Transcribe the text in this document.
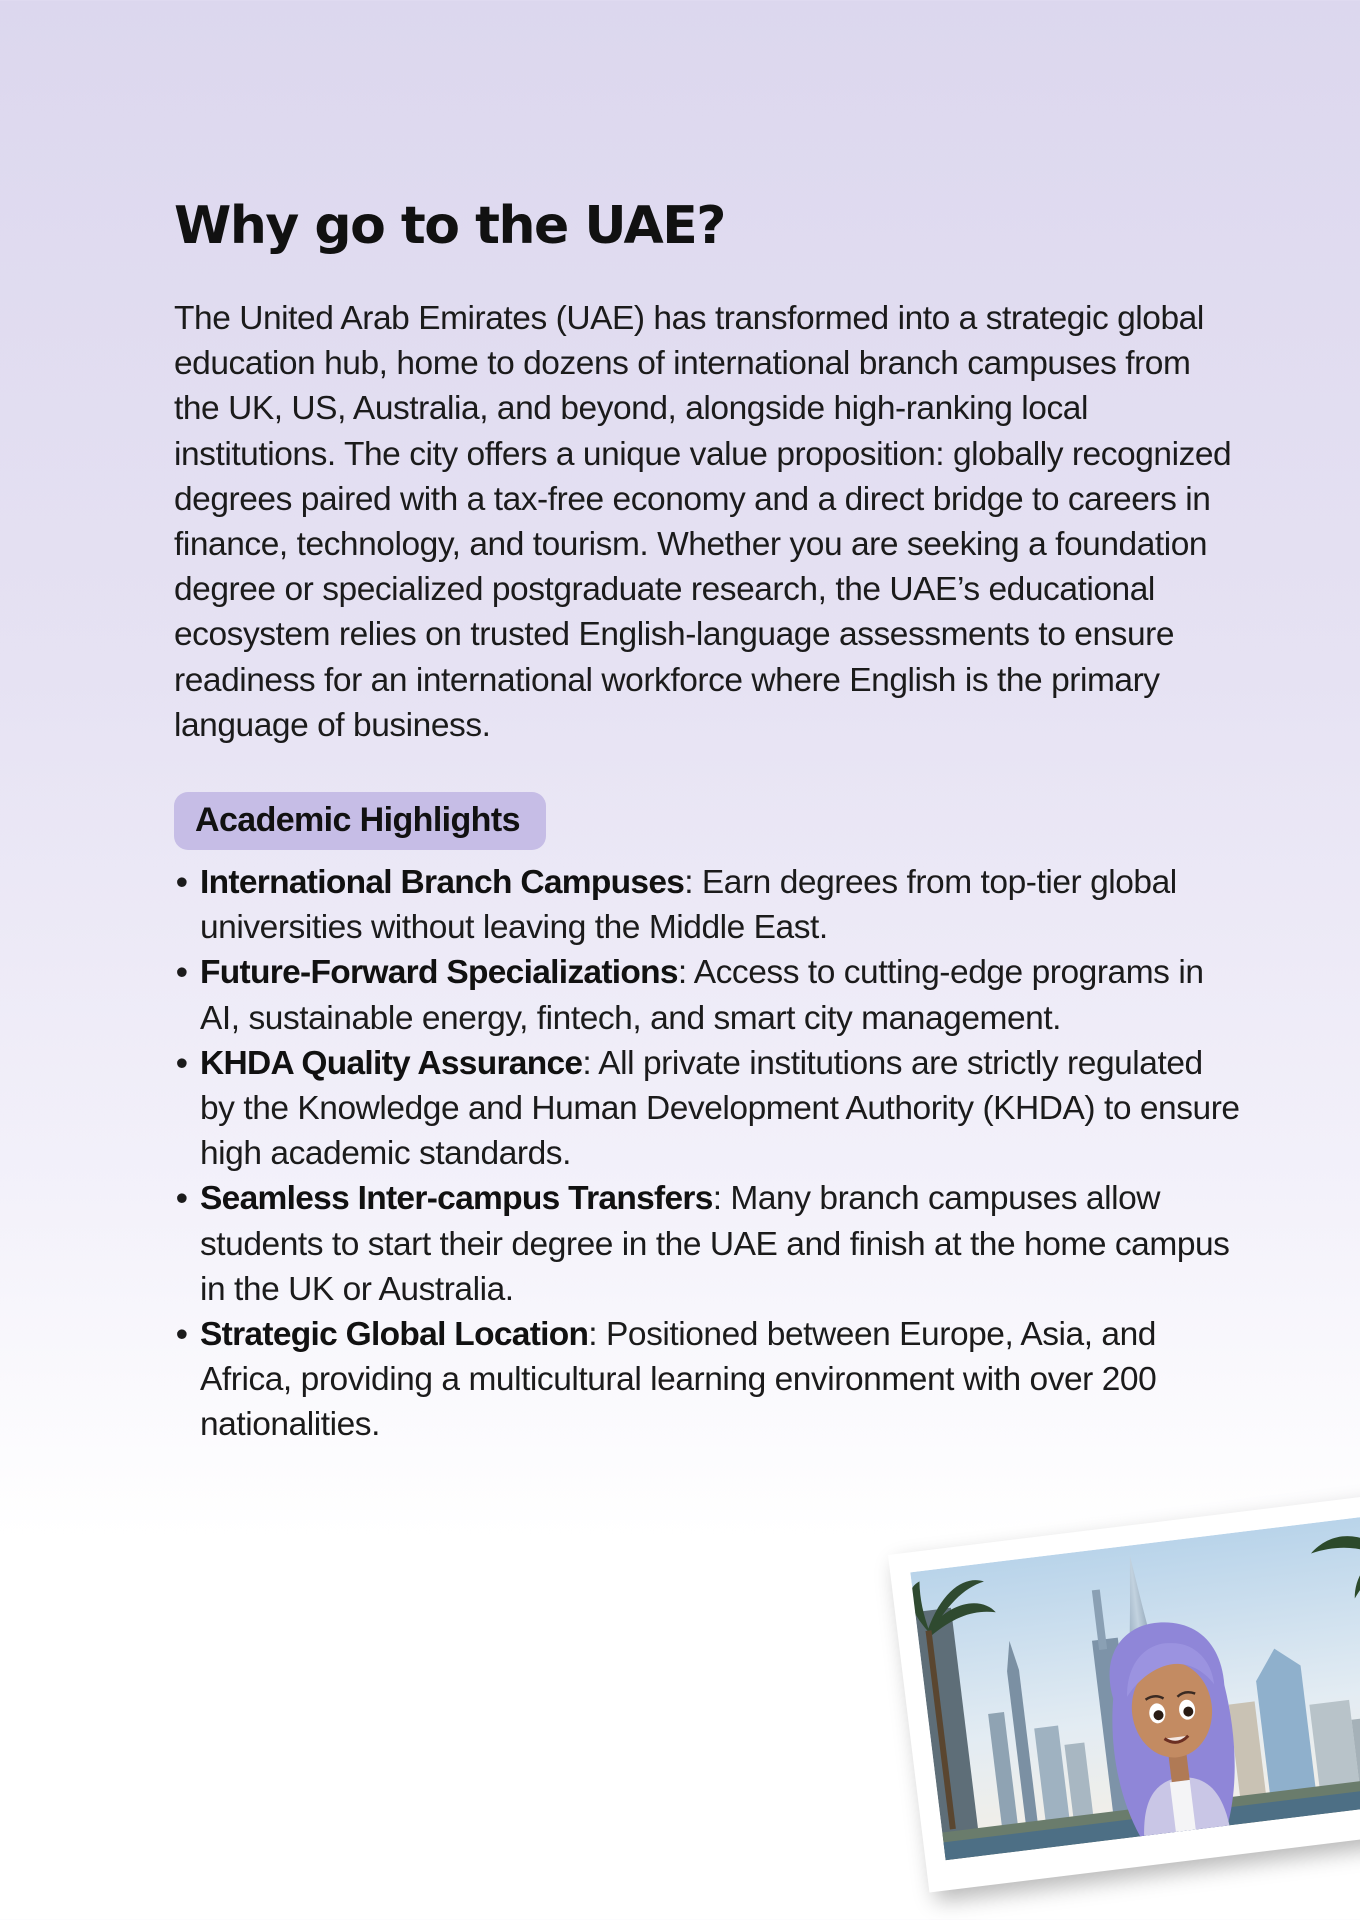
Why go to the UAE?

The United Arab Emirates (UAE) has transformed into a strategic global education hub, home to dozens of international branch campuses from the UK, US, Australia, and beyond, alongside high-ranking local institutions. The city offers a unique value proposition: globally recognized degrees paired with a tax-free economy and a direct bridge to careers in finance, technology, and tourism. Whether you are seeking a foundation degree or specialized postgraduate research, the UAE’s educational ecosystem relies on trusted English-language assessments to ensure readiness for an international workforce where English is the primary language of business.

Academic Highlights
• International Branch Campuses: Earn degrees from top-tier global universities without leaving the Middle East.
• Future-Forward Specializations: Access to cutting-edge programs in AI, sustainable energy, fintech, and smart city management.
• KHDA Quality Assurance: All private institutions are strictly regulated by the Knowledge and Human Development Authority (KHDA) to ensure high academic standards.
• Seamless Inter-campus Transfers: Many branch campuses allow students to start their degree in the UAE and finish at the home campus in the UK or Australia.
• Strategic Global Location: Positioned between Europe, Asia, and Africa, providing a multicultural learning environment with over 200 nationalities.
